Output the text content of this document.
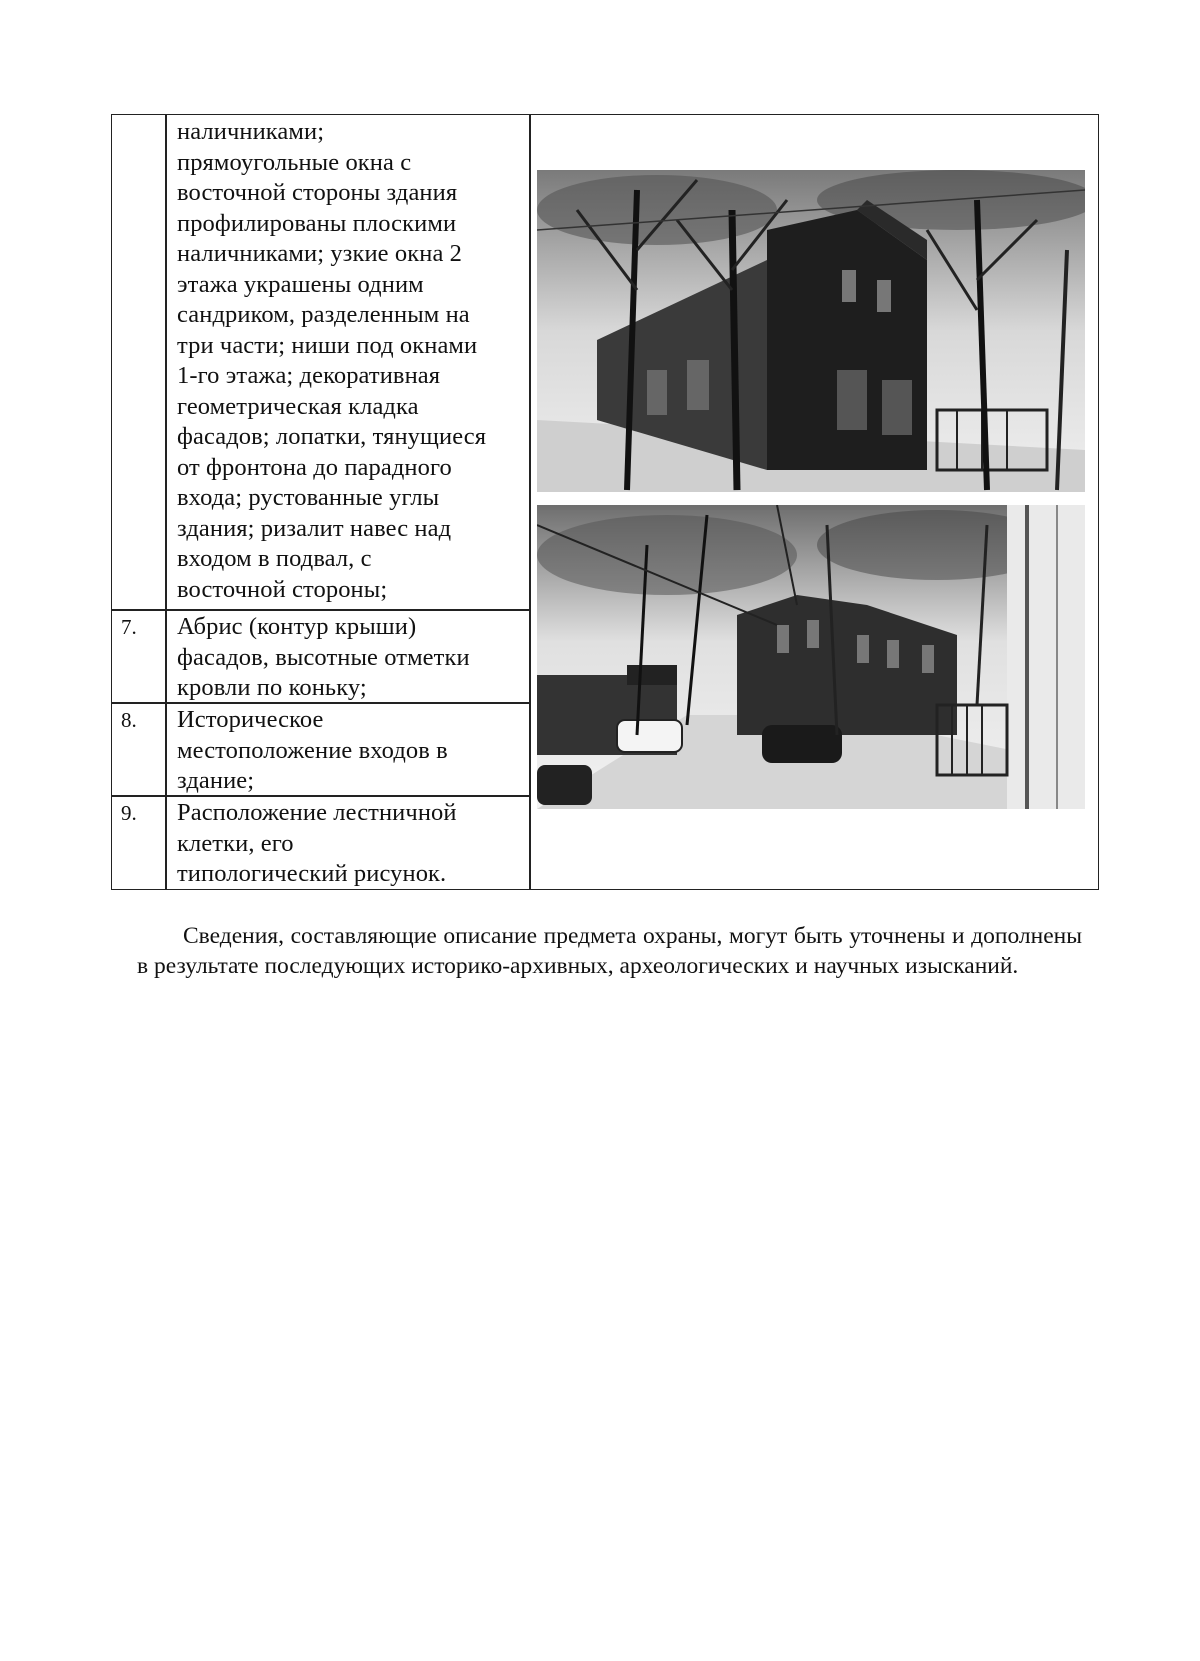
наличниками;
прямоугольные окна с
восточной стороны здания
профилированы плоскими
наличниками; узкие окна 2
этажа украшены одним
сандриком, разделенным на
три части; ниши под окнами
1-го этажа; декоративная
геометрическая кладка
фасадов; лопатки, тянущиеся
от фронтона до парадного
входа; рустованные углы
здания; ризалит навес над
входом в подвал, с
восточной стороны;
7.	Абрис (контур крыши)
фасадов, высотные отметки
кровли по коньку;
8.	Историческое
местоположение входов в
здание;
9.	Расположение лестничной
клетки, его
типологический рисунок.

Сведения, составляющие описание предмета охраны, могут быть уточнены и дополнены в результате последующих историко-архивных, археологических и научных изысканий.
